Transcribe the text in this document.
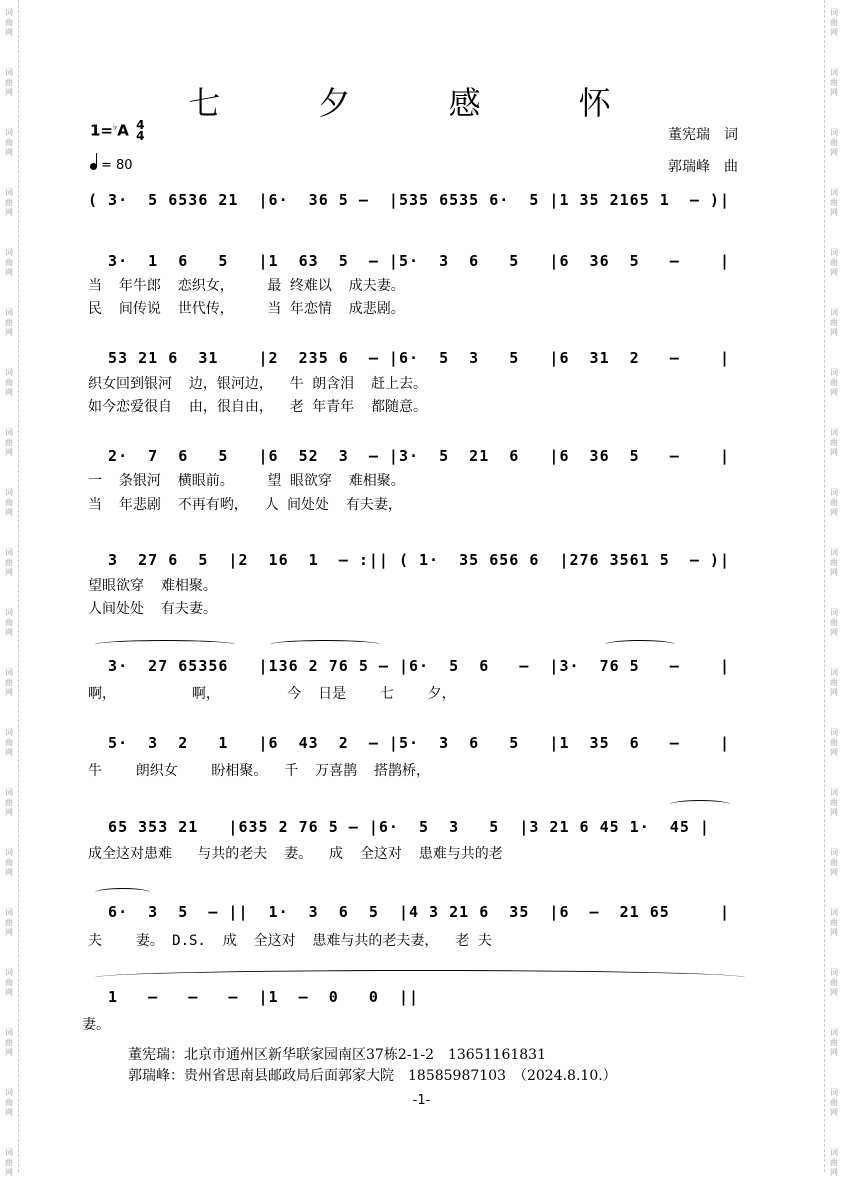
词
曲
网
词
曲
网
词
曲
网
词
曲
网
词
曲
网
词
曲
网
词
曲
网
词
曲
网
词
曲
网
词
曲
网
词
曲
网
词
曲
网
词
曲
网
词
曲
网
词
曲
网
词
曲
网
词
曲
网
词
曲
网
词
曲
网
词
曲
网
词
曲
网
词
曲
网
词
曲
网
词
曲
网
词
曲
网
词
曲
网
词
曲
网
词
曲
网
词
曲
网
词
曲
网
词
曲
网
词
曲
网
词
曲
网
词
曲
网
词
曲
网
词
曲
网
词
曲
网
词
曲
网
词
曲
网
词
曲
网
七 夕 感 怀
1=♭A 4
4
= 80
董宪瑞　词
郭瑞峰　曲
( 3·  5 6536 21  |6·  36 5 –  |535 6535 6·  5 |1 35 2165 1  – )|
3·  1  6   5   |1  63  5  – |5·  3  6   5   |6  36  5   –    |
当  年牛郎  恋织女，    最 终难以  成夫妻。
民  间传说  世代传，    当 年恋情  成悲剧。
53 21 6  31    |2  235 6  – |6·  5  3   5   |6  31  2   –    |
织女回到银河  边，银河边，  牛 朗含泪  赶上去。
如今恋爱很自  由，很自由，  老 年青年  都随意。
2·  7  6   5   |6  52  3  – |3·  5  21  6   |6  36  5   –    |
一  条银河  横眼前。    望 眼欲穿  难相聚。
当  年悲剧  不再有哟，  人 间处处  有夫妻，
3  27 6  5  |2  16  1  – :|| ( 1·  35 656 6  |276 3561 5  – )|
望眼欲穿  难相聚。
人间处处  有夫妻。
3·  27 65356   |136 2 76 5 – |6·  5  6   –  |3·  76 5   –    |
啊，         啊，        今  日是    七    夕，
5·  3  2   1   |6  43  2  – |5·  3  6   5   |1  35  6   –    |
牛    朗织女    盼相聚。  千  万喜鹊  搭鹊桥，
65 353 21   |635 2 76 5 – |6·  5  3   5  |3 21 6 45 1·  45 |
成全这对患难   与共的老夫  妻。  成  全这对  患难与共的老
6·  3  5  – ||  1·  3  6  5  |4 3 21 6  35  |6  –  21 65     |
夫    妻。 D.S.  成  全这对  患难与共的老夫妻，  老 夫
1   –   –   –  |1  –  0   0  ||
妻。
董宪瑞：北京市通州区新华联家园南区37栋2-1-2　13651161831
郭瑞峰：贵州省思南县邮政局后面郭家大院　18585987103　（2024.8.10.）
-1-
